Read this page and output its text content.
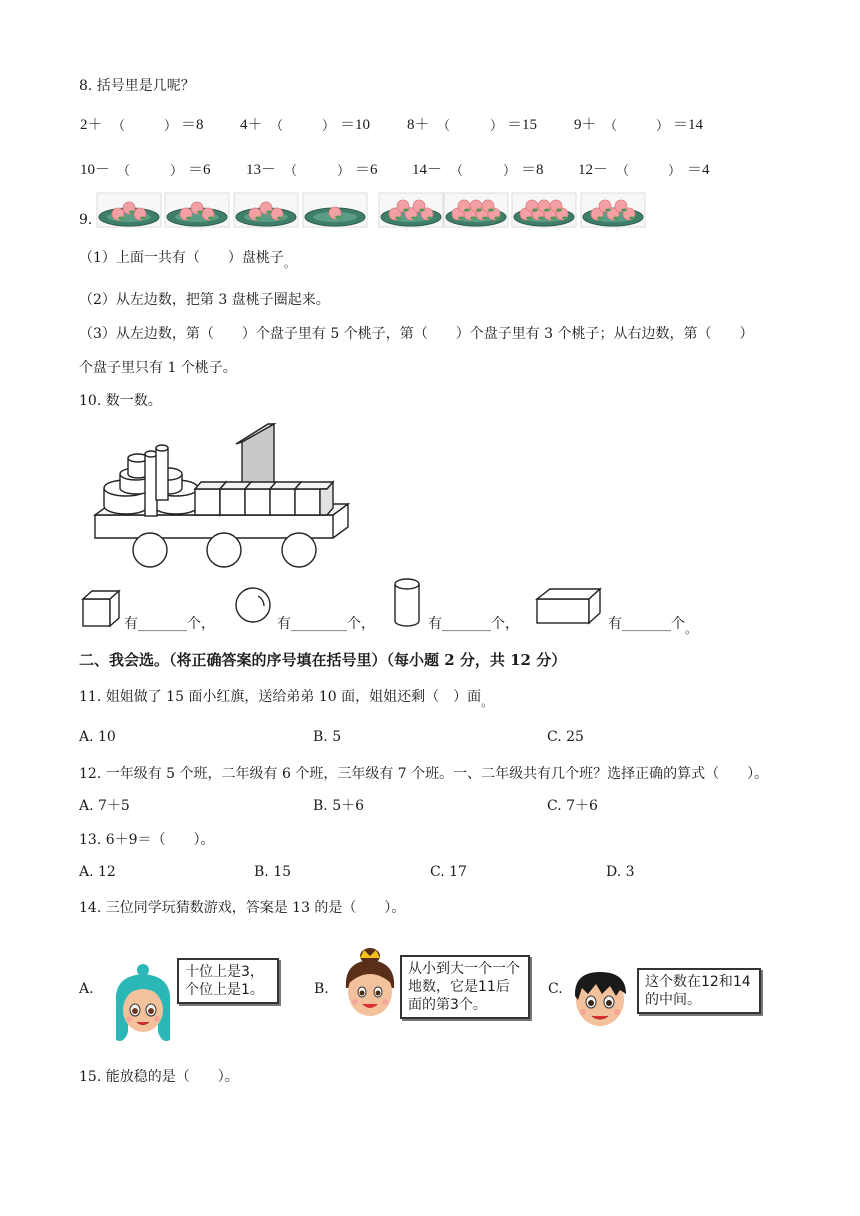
8. 括号里是几呢？
2＋ （	） ＝8 4＋ （	） ＝10 8＋ （	） ＝15 9＋ （	） ＝14
10－ （	） ＝6 13－ （	） ＝6 14－ （	） ＝8 12－ （	） ＝4
9.
（1）上面一共有（　　）盘桃子。
（2）从左边数，把第 3 盘桃子圈起来。
（3）从左边数，第（　　）个盘子里有 5 个桃子，第（　　）个盘子里有 3 个桃子；从右边数，第（　　）
个盘子里只有 1 个桃子。
10. 数一数。
有_______个，	有________个，	有_______个，	有_______个。
二、我会选。（将正确答案的序号填在括号里）（每小题 2 分，共 12 分）
11. 姐姐做了 15 面小红旗，送给弟弟 10 面，姐姐还剩（　）面。
A. 10	B. 5	C. 25
12. 一年级有 5 个班，二年级有 6 个班，三年级有 7 个班。一、二年级共有几个班？选择正确的算式（　　）。
A. 7＋5	B. 5＋6	C. 7＋6
13. 6＋9＝（　　）。
A. 12	B. 15	C. 17	D. 3
14. 三位同学玩猜数游戏，答案是 13 的是（　　）。
A.
十位上是3，个位上是1。	B.
从小到大一个一个地数，它是11后面的第3个。
C.	这个数在12和14的中间。
15. 能放稳的是（　　）。
